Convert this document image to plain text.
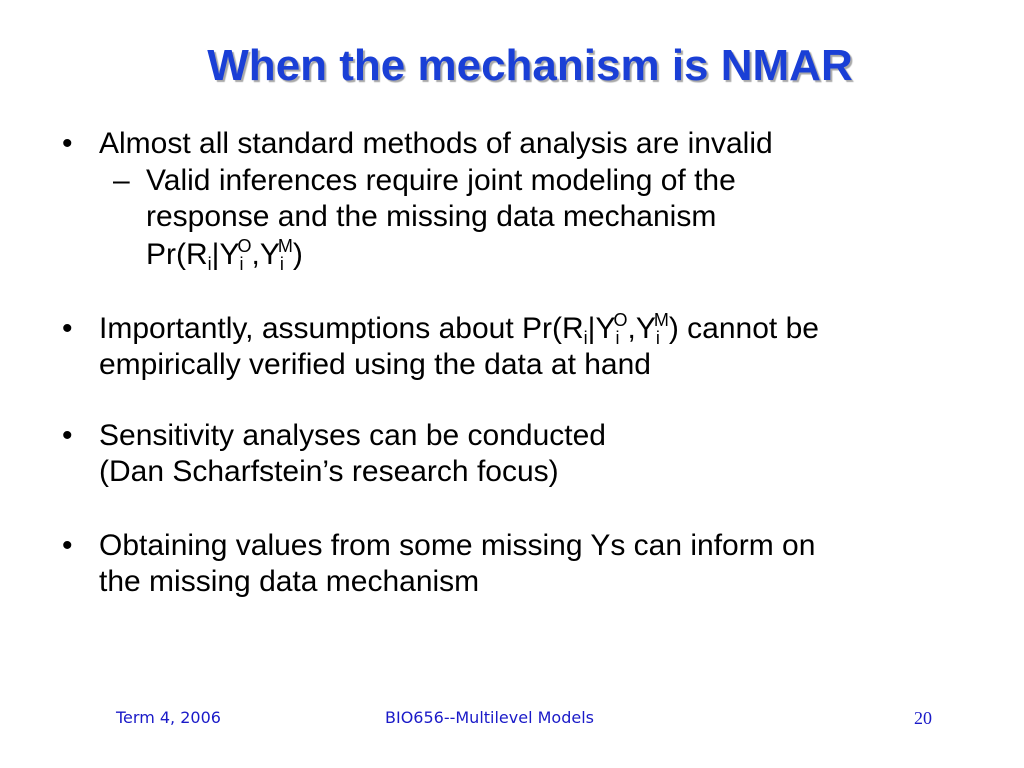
When the mechanism is NMAR
• Almost all standard methods of analysis are invalid
– Valid inferences require joint modeling of the
response and the missing data mechanism
$Pr(R_i|Y_i^O,Y_i^M)$
• Importantly, assumptions about $Pr(R_i|Y_i^O,Y_i^M)$ cannot be
empirically verified using the data at hand
• Sensitivity analyses can be conducted
(Dan Scharfstein’s research focus)
• Obtaining values from some missing Ys can inform on
the missing data mechanism
Term 4, 2006	BIO656--Multilevel Models	20
